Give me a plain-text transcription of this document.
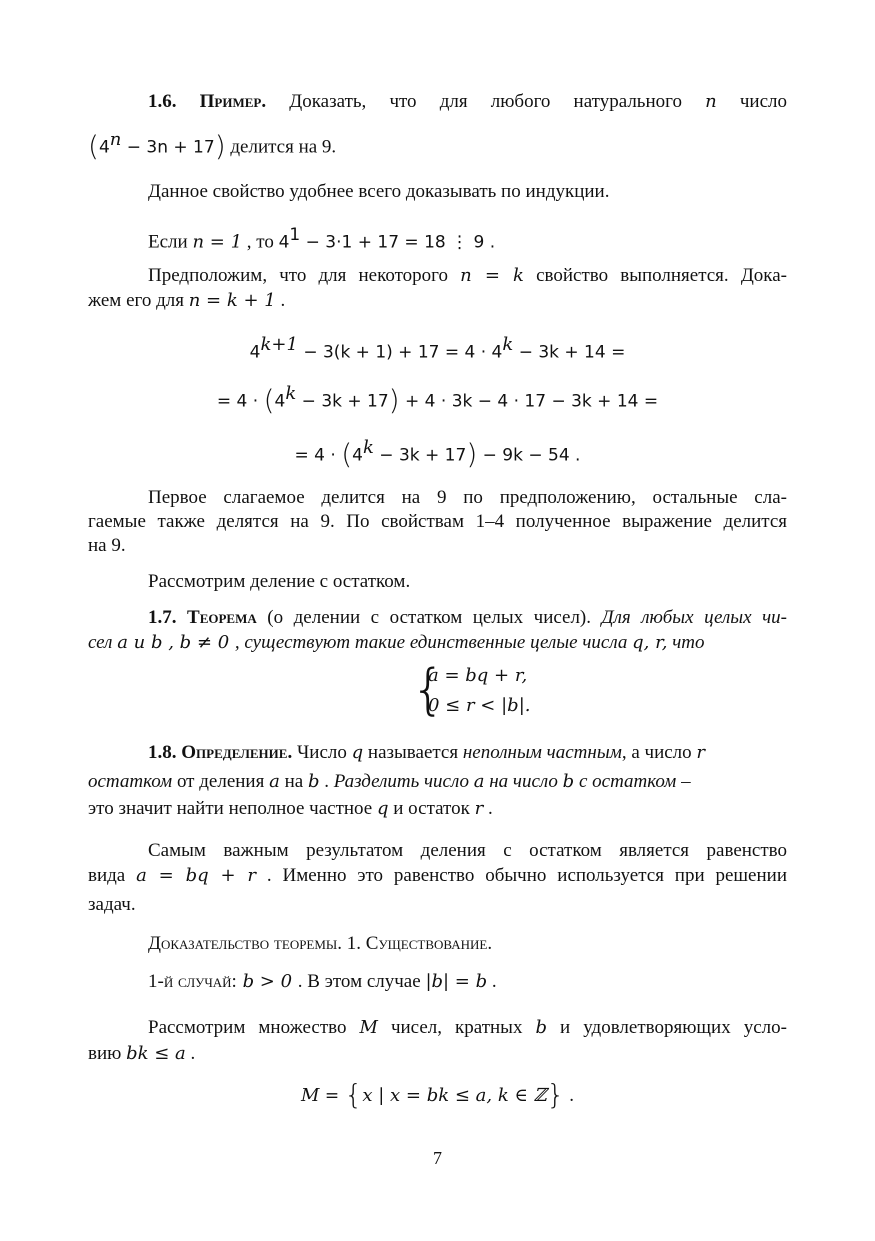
1.6. Пример. Доказать, что для любого натурального n число
$(4^n - 3n + 17)$ делится на 9.
Данное свойство удобнее всего доказывать по индукции.
Если n = 1 , то $4^1 - 3\cdot 1 + 17 = 18$ ⋮ 9 .
Предположим, что для некоторого n = k свойство выполняется. Дока-
жем его для n = k + 1 .
$4^{k+1} - 3(k + 1) + 17 = 4 \cdot 4^k - 3k + 14$ =
= $4 \cdot (4^k - 3k + 17) + 4 \cdot 3k - 4 \cdot 17 - 3k + 14$ =
= $4 \cdot (4^k - 3k + 17) - 9k - 54$ .
Первое слагаемое делится на 9 по предположению, остальные сла-
гаемые также делятся на 9. По свойствам 1–4 полученное выражение делится
на 9.
Рассмотрим деление с остатком.
1.7. Теорема (о делении с остатком целых чисел). Для любых целых чи-
сел a и b , b ≠ 0 , существуют такие единственные целые числа q, r, что
{
a = bq + r,
0 ≤ r < |b|.
1.8. Определение. Число q называется неполным частным, а число r
остатком от деления a на b . Разделить число a на число b с остатком –
это значит найти неполное частное q и остаток r .
Самым важным результатом деления с остатком является равенство
вида a = bq + r . Именно это равенство обычно используется при решении
задач.
Доказательство теоремы. 1. Существование.
1-й случай: b > 0 . В этом случае |b| = b .
Рассмотрим множество M чисел, кратных b и удовлетворяющих усло-
вию bk ≤ a .
M = {x | x = bk ≤ a, k ∈ ℤ} .
7
